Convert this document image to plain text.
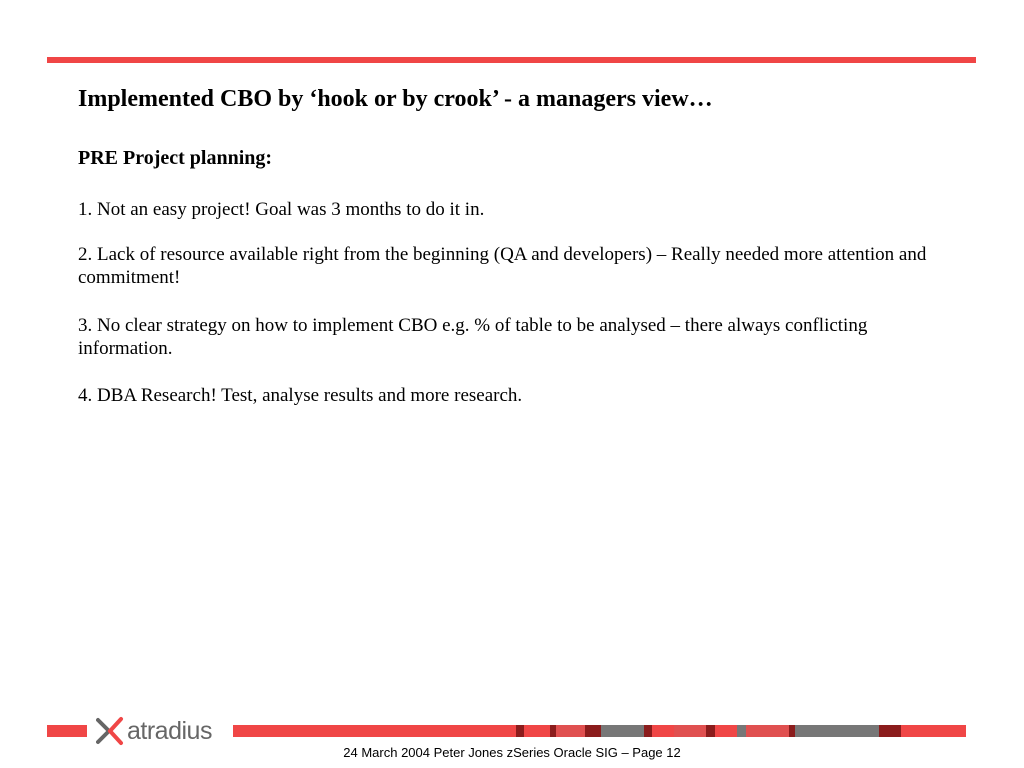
Implemented CBO by ‘hook or by crook’ - a managers view…
PRE Project planning:
1. Not an easy project! Goal was 3 months to do it in.
2. Lack of resource available right from the beginning (QA and developers) – Really needed more attention and commitment!
3. No clear strategy on how to implement CBO e.g. % of table to be analysed – there always conflicting information.
4. DBA Research! Test, analyse results and more research.
atradius
24 March 2004 Peter Jones zSeries Oracle SIG – Page 12
